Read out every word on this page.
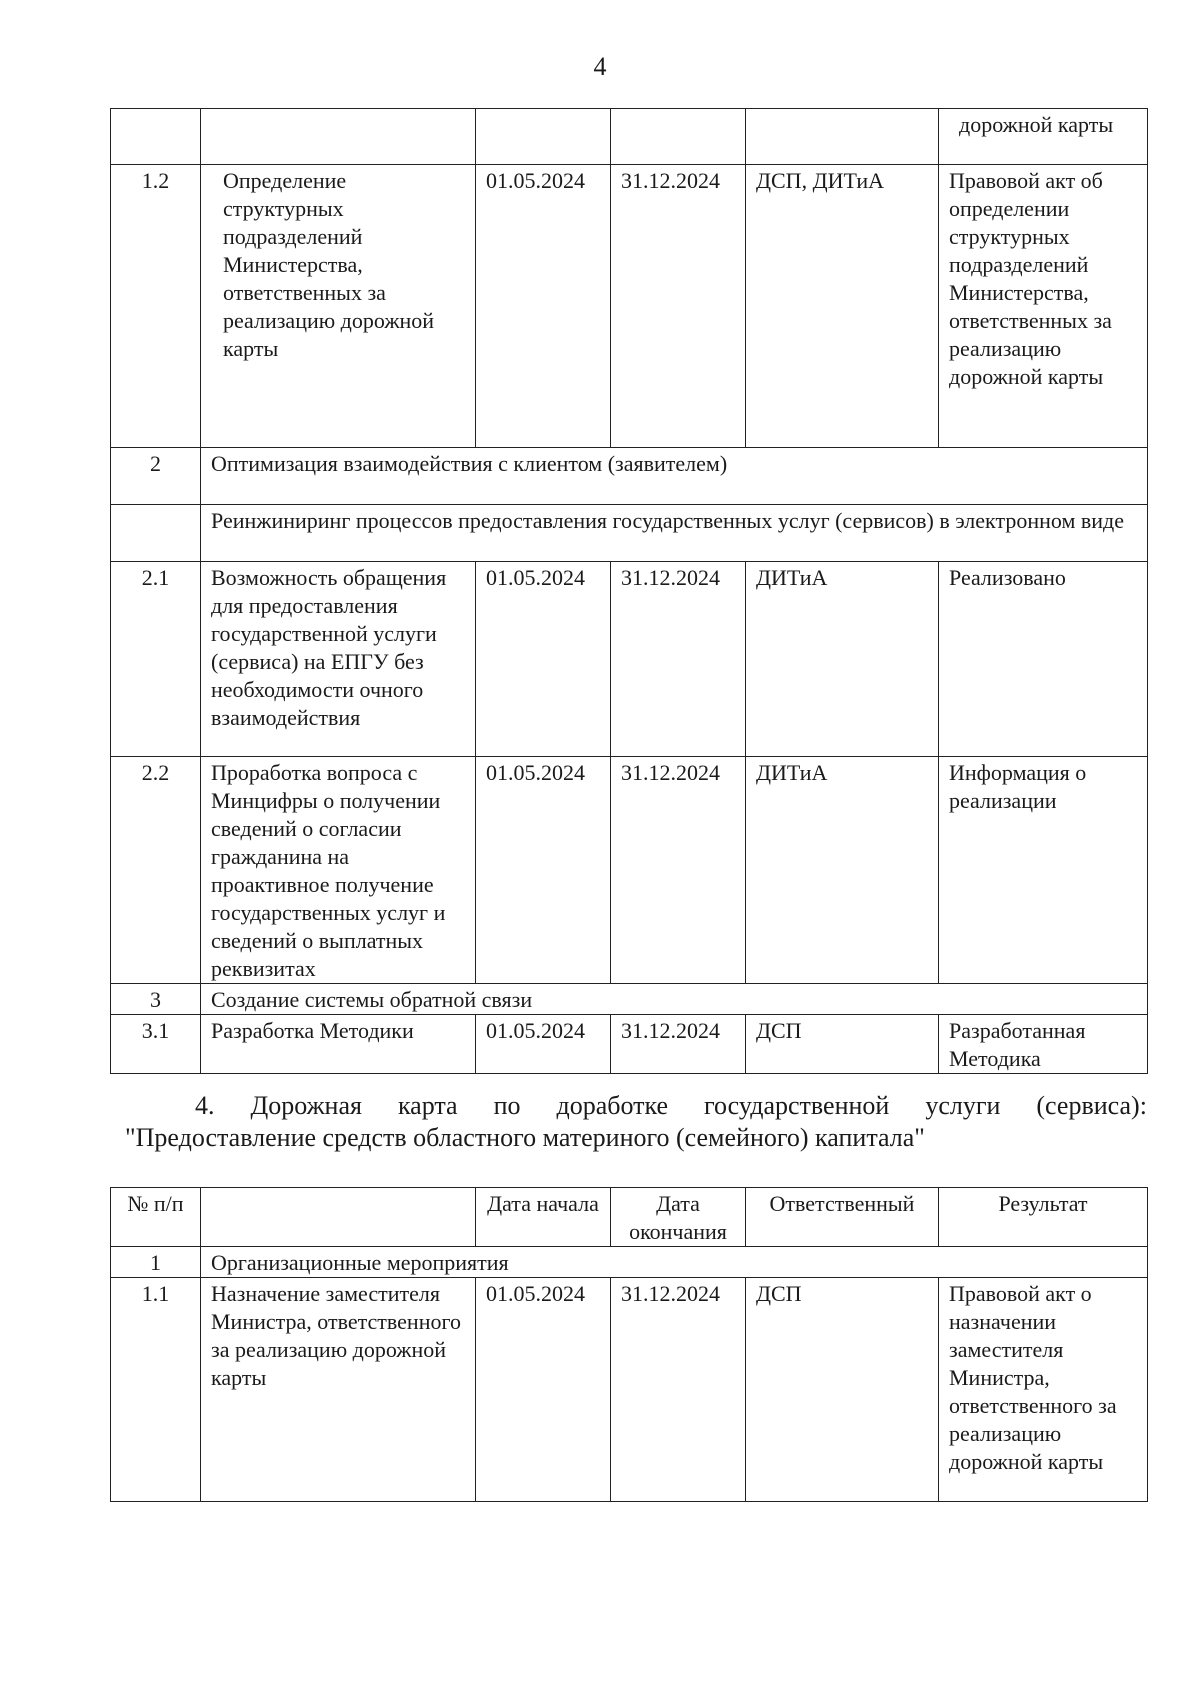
4
					дорожной карты
1.2	Определение структурных подразделений Министерства, ответственных за реализацию дорожной карты	01.05.2024	31.12.2024	ДСП, ДИТиА	Правовой акт об определении структурных подразделений Министерства, ответственных за реализацию дорожной карты
2	Оптимизация взаимодействия с клиентом (заявителем)				
	Реинжиниринг процессов предоставления государственных услуг (сервисов) в электронном виде				
2.1	Возможность обращения для предоставления государственной услуги (сервиса) на ЕПГУ без необходимости очного взаимодействия	01.05.2024	31.12.2024	ДИТиА	Реализовано
2.2	Проработка вопроса с Минцифры о получении сведений о согласии гражданина на проактивное получение государственных услуг и сведений о выплатных реквизитах	01.05.2024	31.12.2024	ДИТиА	Информация о реализации
3	Создание системы обратной связи				
3.1	Разработка Методики	01.05.2024	31.12.2024	ДСП	Разработанная Методика
4. Дорожная карта по доработке государственной услуги (сервиса):
"Предоставление средств областного материного (семейного) капитала"
№ п/п		Дата начала	Дата окончания	Ответственный	Результат
1	Организационные мероприятия				
1.1	Назначение заместителя Министра, ответственного за реализацию дорожной карты	01.05.2024	31.12.2024	ДСП	Правовой акт о назначении заместителя Министра, ответственного за реализацию дорожной карты
